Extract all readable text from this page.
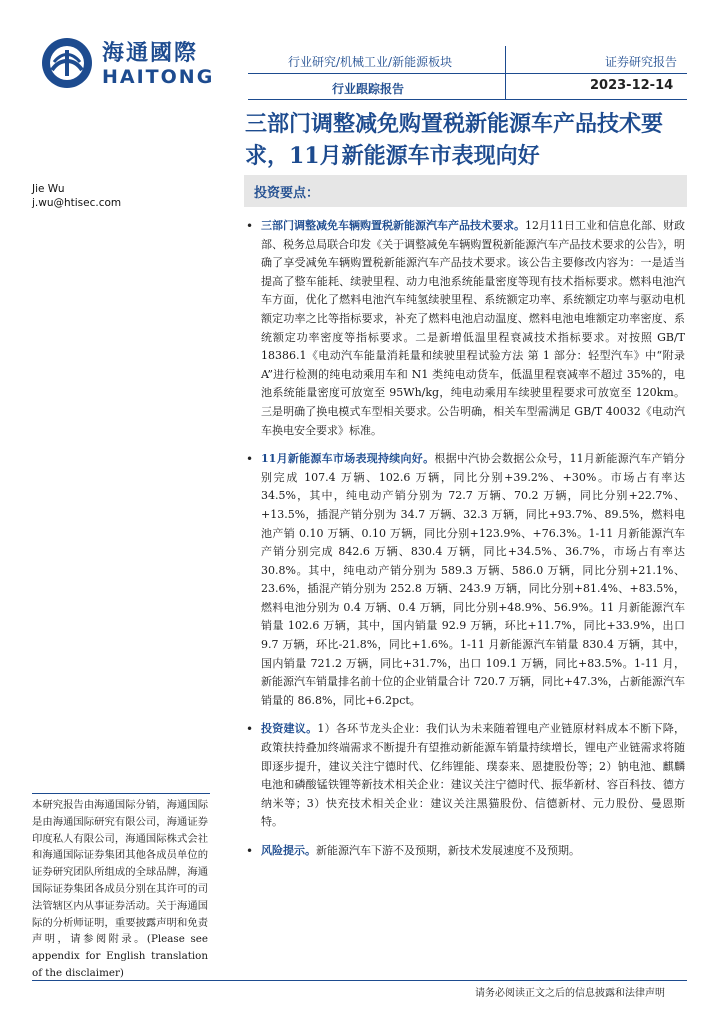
海通國際
HAITONG
行业研究/机械工业/新能源板块
行业跟踪报告
证券研究报告
2023-12-14
三部门调整减免购置税新能源车产品技术要求，11月新能源车市表现向好
Jie Wu
j.wu@htisec.com
投资要点：
• 三部门调整减免车辆购置税新能源汽车产品技术要求。12月11日工业和信息化部、财政部、税务总局联合印发《关于调整减免车辆购置税新能源汽车产品技术要求的公告》，明确了享受减免车辆购置税新能源汽车产品技术要求。该公告主要修改内容为：一是适当提高了整车能耗、续驶里程、动力电池系统能量密度等现有技术指标要求。燃料电池汽车方面，优化了燃料电池汽车纯氢续驶里程、系统额定功率、系统额定功率与驱动电机额定功率之比等指标要求，补充了燃料电池启动温度、燃料电池电堆额定功率密度、系统额定功率密度等指标要求。二是新增低温里程衰减技术指标要求。对按照 GB/T 18386.1《电动汽车能量消耗量和续驶里程试验方法 第 1 部分：轻型汽车》中“附录 A”进行检测的纯电动乘用车和 N1 类纯电动货车，低温里程衰减率不超过 35%的，电池系统能量密度可放宽至 95Wh/kg，纯电动乘用车续驶里程要求可放宽至 120km。三是明确了换电模式车型相关要求。公告明确，相关车型需满足 GB/T 40032《电动汽车换电安全要求》标准。
• 11月新能源车市场表现持续向好。根据中汽协会数据公众号，11月新能源汽车产销分别完成 107.4 万辆、102.6 万辆，同比分别+39.2%、+30%。市场占有率达 34.5%，其中，纯电动产销分别为 72.7 万辆、70.2 万辆，同比分别+22.7%、+13.5%，插混产销分别为 34.7 万辆、32.3 万辆，同比+93.7%、89.5%，燃料电池产销 0.10 万辆、0.10 万辆，同比分别+123.9%、+76.3%。1-11 月新能源汽车产销分别完成 842.6 万辆、830.4 万辆，同比+34.5%、36.7%，市场占有率达 30.8%。其中，纯电动产销分别为 589.3 万辆、586.0 万辆，同比分别+21.1%、23.6%，插混产销分别为 252.8 万辆、243.9 万辆，同比分别+81.4%、+83.5%，燃料电池分别为 0.4 万辆、0.4 万辆，同比分别+48.9%、56.9%。11 月新能源汽车销量 102.6 万辆，其中，国内销量 92.9 万辆，环比+11.7%，同比+33.9%，出口 9.7 万辆，环比-21.8%，同比+1.6%。1-11 月新能源汽车销量 830.4 万辆，其中，国内销量 721.2 万辆，同比+31.7%，出口 109.1 万辆，同比+83.5%。1-11 月，新能源汽车销量排名前十位的企业销量合计 720.7 万辆，同比+47.3%，占新能源汽车销量的 86.8%，同比+6.2pct。
• 投资建议。1）各环节龙头企业：我们认为未来随着锂电产业链原材料成本不断下降，政策扶持叠加终端需求不断提升有望推动新能源车销量持续增长，锂电产业链需求将随即逐步提升，建议关注宁德时代、亿纬锂能、璞泰来、恩捷股份等；2）钠电池、麒麟电池和磷酸锰铁锂等新技术相关企业：建议关注宁德时代、振华新材、容百科技、德方纳米等；3）快充技术相关企业：建议关注黑猫股份、信德新材、元力股份、曼恩斯特。
• 风险提示。新能源汽车下游不及预期，新技术发展速度不及预期。
本研究报告由海通国际分销，海通国际是由海通国际研究有限公司，海通证券印度私人有限公司，海通国际株式会社和海通国际证券集团其他各成员单位的证券研究团队所组成的全球品牌，海通国际证券集团各成员分别在其许可的司法管辖区内从事证券活动。关于海通国际的分析师证明，重要披露声明和免责声明，请参阅附录。(Please see appendix for English translation of the disclaimer)
请务必阅读正文之后的信息披露和法律声明
